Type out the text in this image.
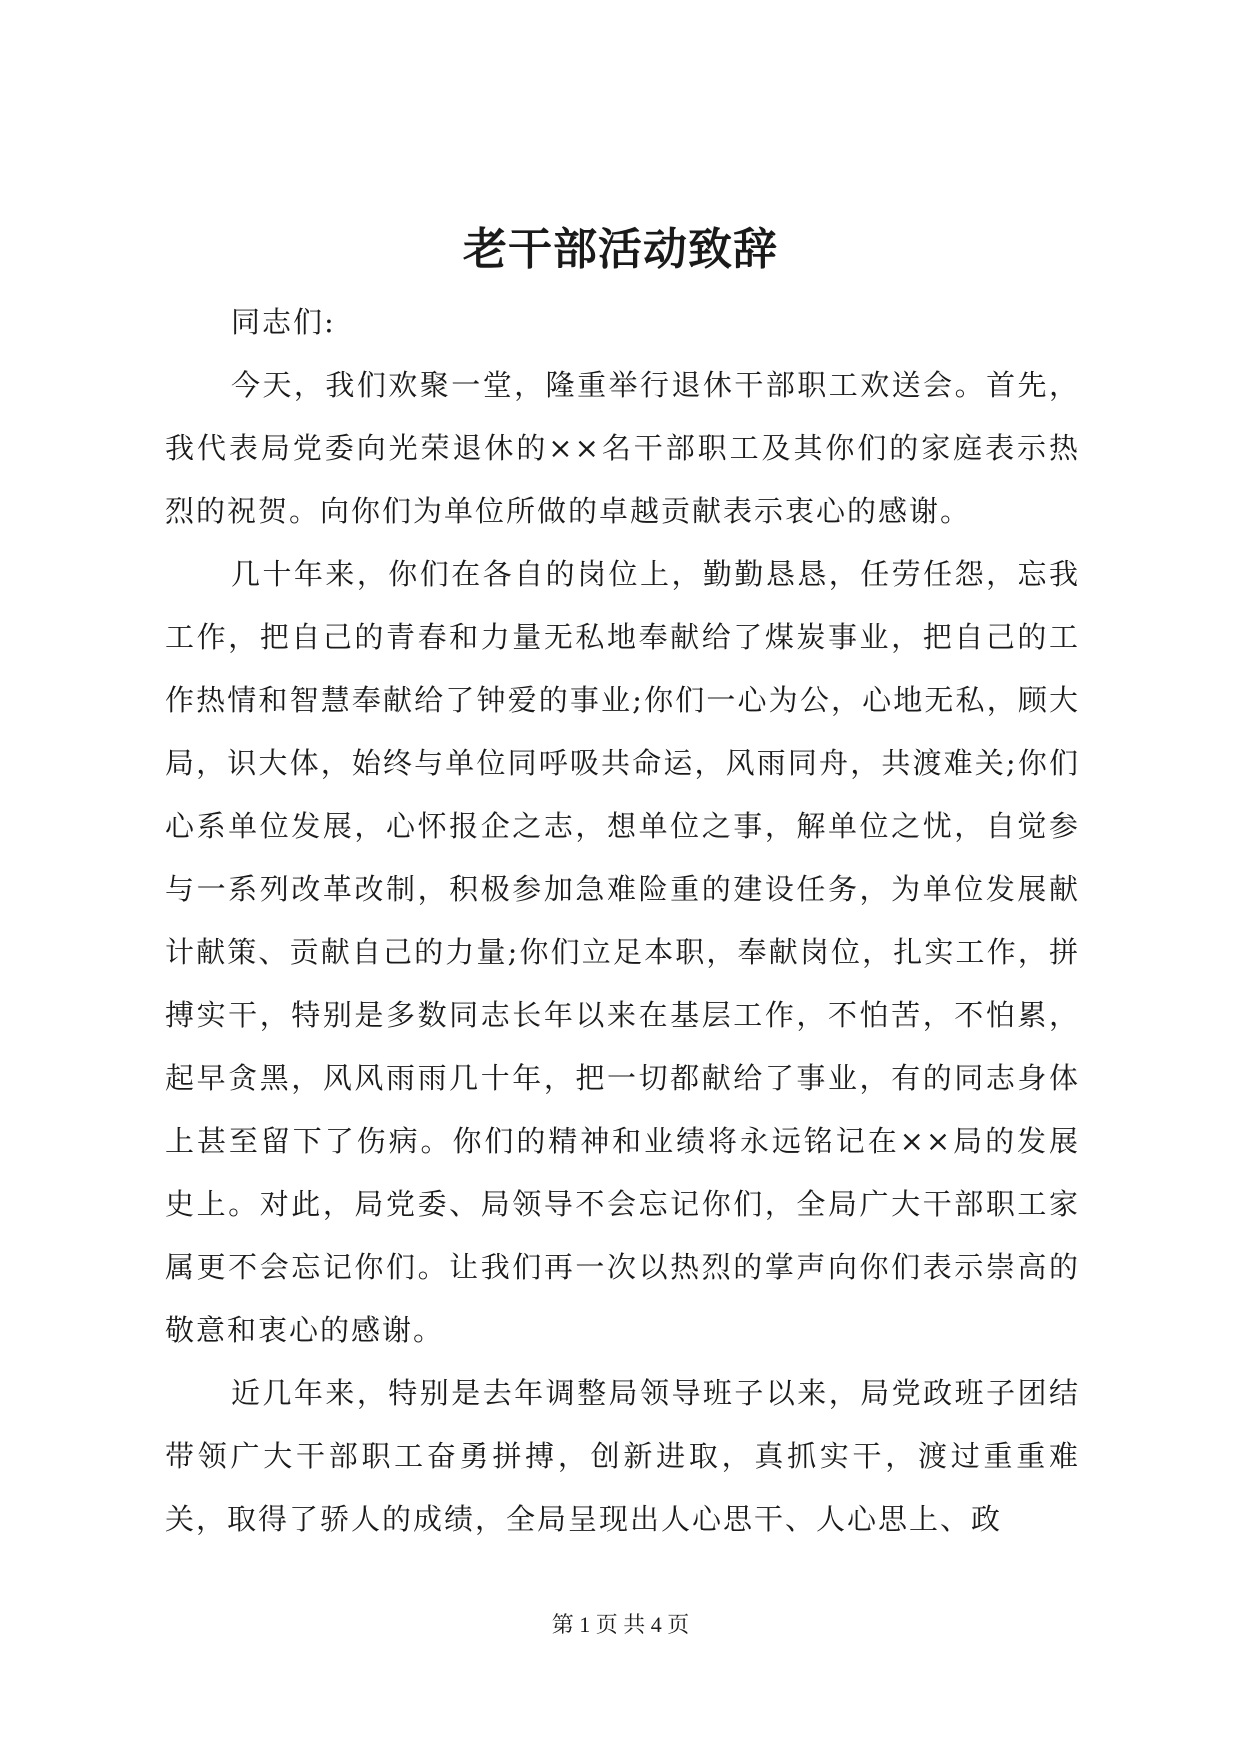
老干部活动致辞

同志们:

今天，我们欢聚一堂，隆重举行退休干部职工欢送会。首先，我代表局党委向光荣退休的××名干部职工及其你们的家庭表示热烈的祝贺。向你们为单位所做的卓越贡献表示衷心的感谢。

几十年来，你们在各自的岗位上，勤勤恳恳，任劳任怨，忘我工作，把自己的青春和力量无私地奉献给了煤炭事业，把自己的工作热情和智慧奉献给了钟爱的事业;你们一心为公，心地无私，顾大局，识大体，始终与单位同呼吸共命运，风雨同舟，共渡难关;你们心系单位发展，心怀报企之志，想单位之事，解单位之忧，自觉参与一系列改革改制，积极参加急难险重的建设任务，为单位发展献计献策、贡献自己的力量;你们立足本职，奉献岗位，扎实工作，拼搏实干，特别是多数同志长年以来在基层工作，不怕苦，不怕累，起早贪黑，风风雨雨几十年，把一切都献给了事业，有的同志身体上甚至留下了伤病。你们的精神和业绩将永远铭记在××局的发展史上。对此，局党委、局领导不会忘记你们，全局广大干部职工家属更不会忘记你们。让我们再一次以热烈的掌声向你们表示崇高的敬意和衷心的感谢。

近几年来，特别是去年调整局领导班子以来，局党政班子团结带领广大干部职工奋勇拼搏，创新进取，真抓实干，渡过重重难关，取得了骄人的成绩，全局呈现出人心思干、人心思上、政

第 1 页 共 4 页
